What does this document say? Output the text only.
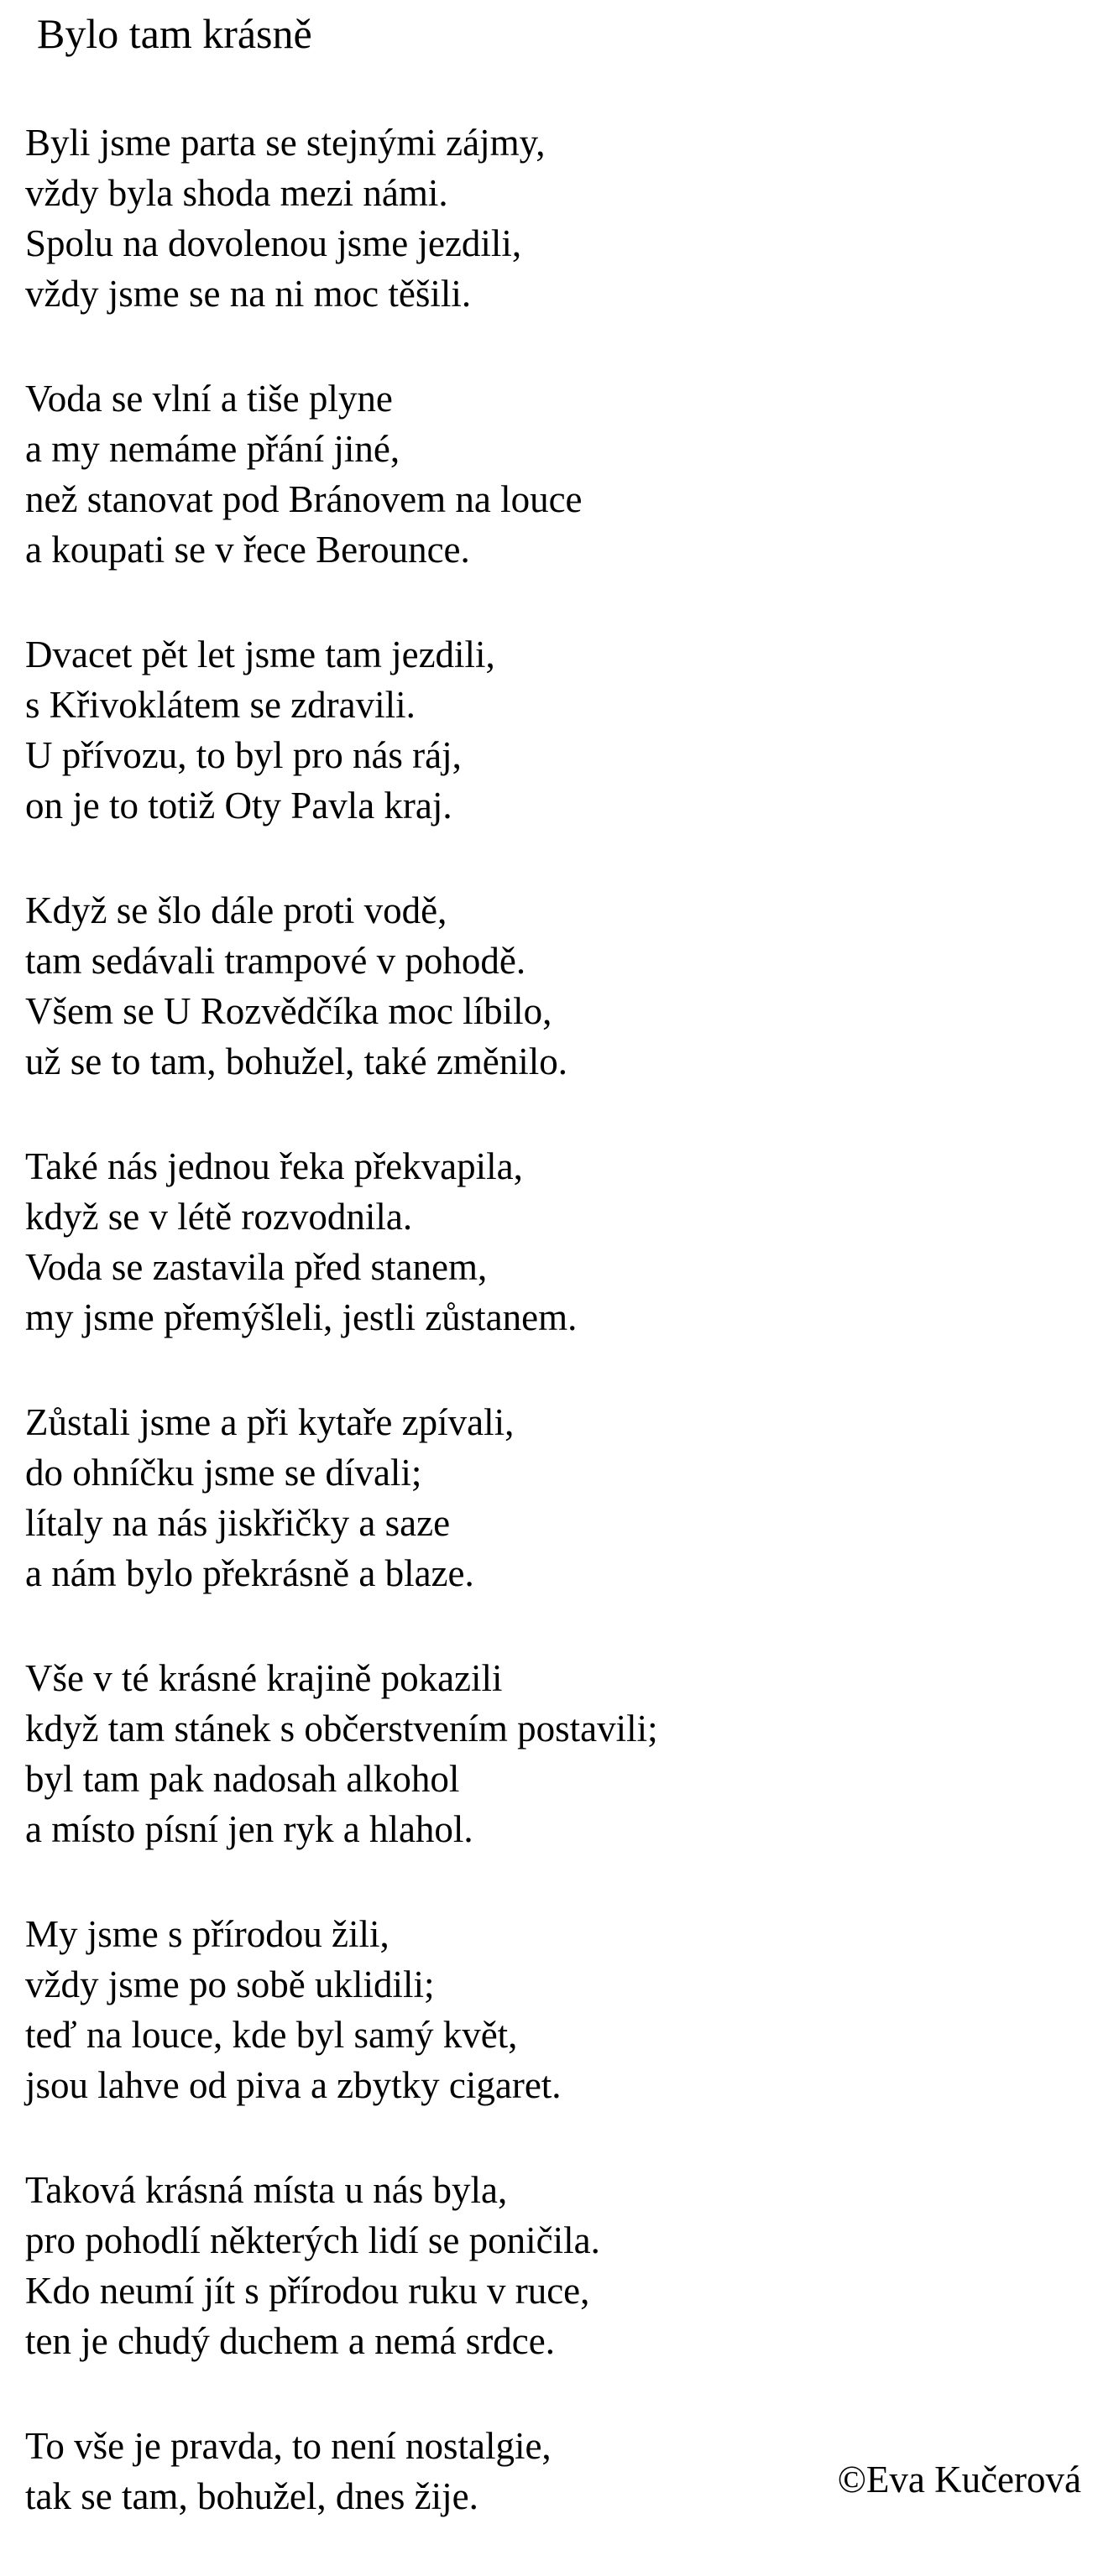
Bylo tam krásně
Byli jsme parta se stejnými zájmy,
vždy byla shoda mezi námi.
Spolu na dovolenou jsme jezdili,
vždy jsme se na ni moc těšili.
Voda se vlní a tiše plyne
a my nemáme přání jiné,
než stanovat pod Bránovem na louce
a koupati se v řece Berounce.
Dvacet pět let jsme tam jezdili,
s Křivoklátem se zdravili.
U přívozu, to byl pro nás ráj,
on je to totiž Oty Pavla kraj.
Když se šlo dále proti vodě,
tam sedávali trampové v pohodě.
Všem se U Rozvědčíka moc líbilo,
už se to tam, bohužel, také změnilo.
Také nás jednou řeka překvapila,
když se v létě rozvodnila.
Voda se zastavila před stanem,
my jsme přemýšleli, jestli zůstanem.
Zůstali jsme a při kytaře zpívali,
do ohníčku jsme se dívali;
lítaly na nás jiskřičky a saze
a nám bylo překrásně a blaze.
Vše v té krásné krajině pokazili
když tam stánek s občerstvením postavili;
byl tam pak nadosah alkohol
a místo písní jen ryk a hlahol.
My jsme s přírodou žili,
vždy jsme po sobě uklidili;
teď na louce, kde byl samý květ,
jsou lahve od piva a zbytky cigaret.
Taková krásná místa u nás byla,
pro pohodlí některých lidí se poničila.
Kdo neumí jít s přírodou ruku v ruce,
ten je chudý duchem a nemá srdce.
To vše je pravda, to není nostalgie,
tak se tam, bohužel, dnes žije.	©Eva Kučerová
